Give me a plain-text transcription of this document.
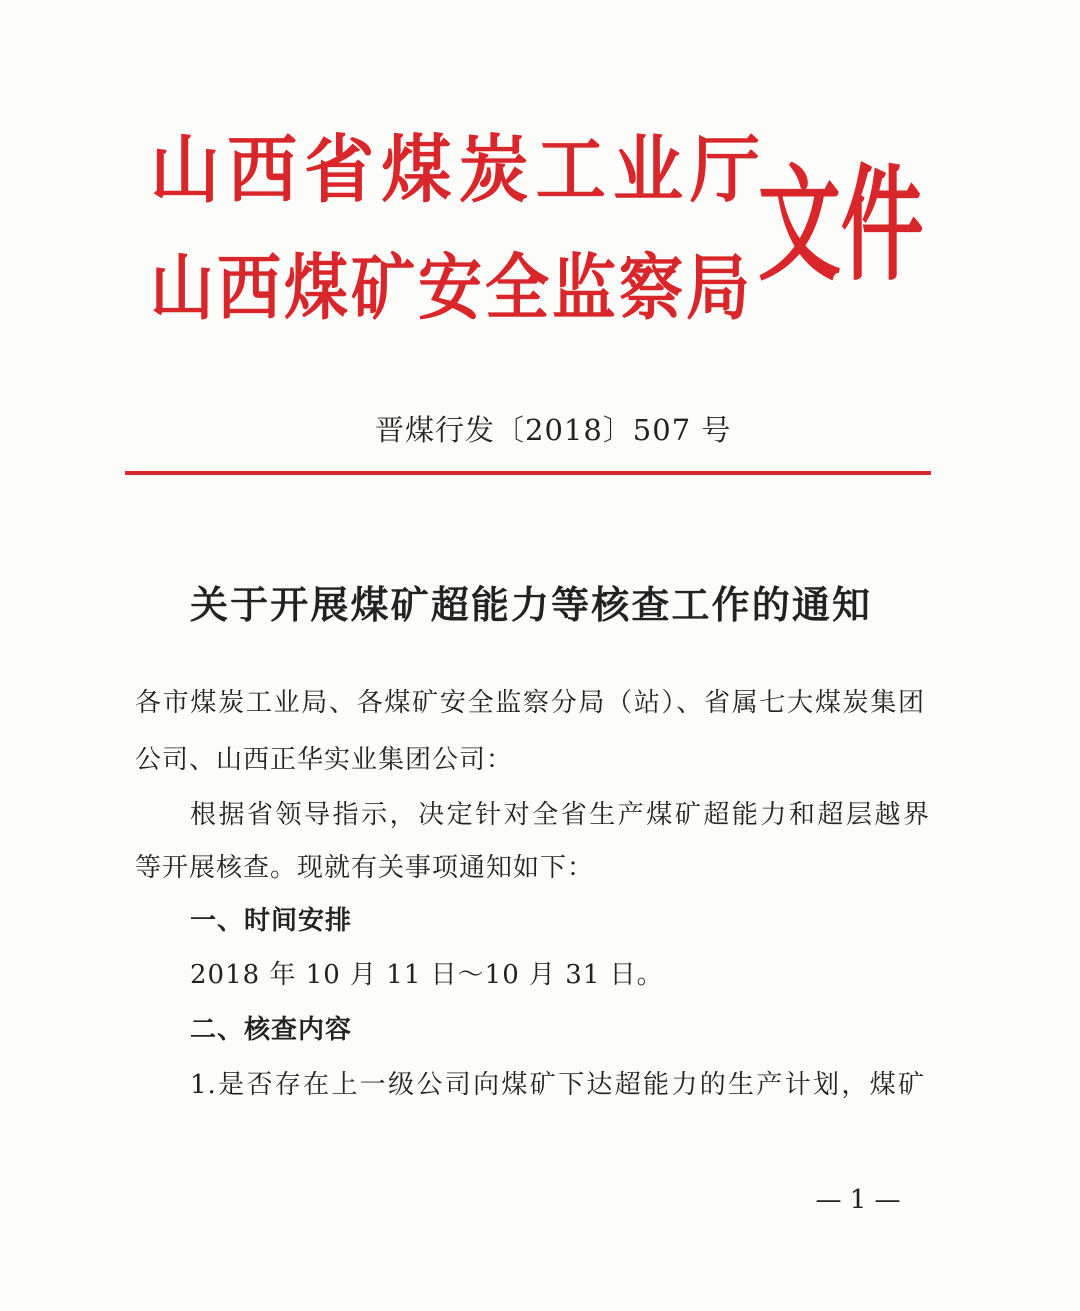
山西省煤炭工业厅
山西煤矿安全监察局 文件
晋煤行发〔2018〕507 号
关于开展煤矿超能力等核查工作的通知
各市煤炭工业局、各煤矿安全监察分局（站）、省属七大煤炭集团
公司、山西正华实业集团公司：
根据省领导指示，决定针对全省生产煤矿超能力和超层越界
等开展核查。现就有关事项通知如下：
一、时间安排
2018 年 10 月 11 日～10 月 31 日。
二、核查内容
1.是否存在上一级公司向煤矿下达超能力的生产计划，煤矿
— 1 —
